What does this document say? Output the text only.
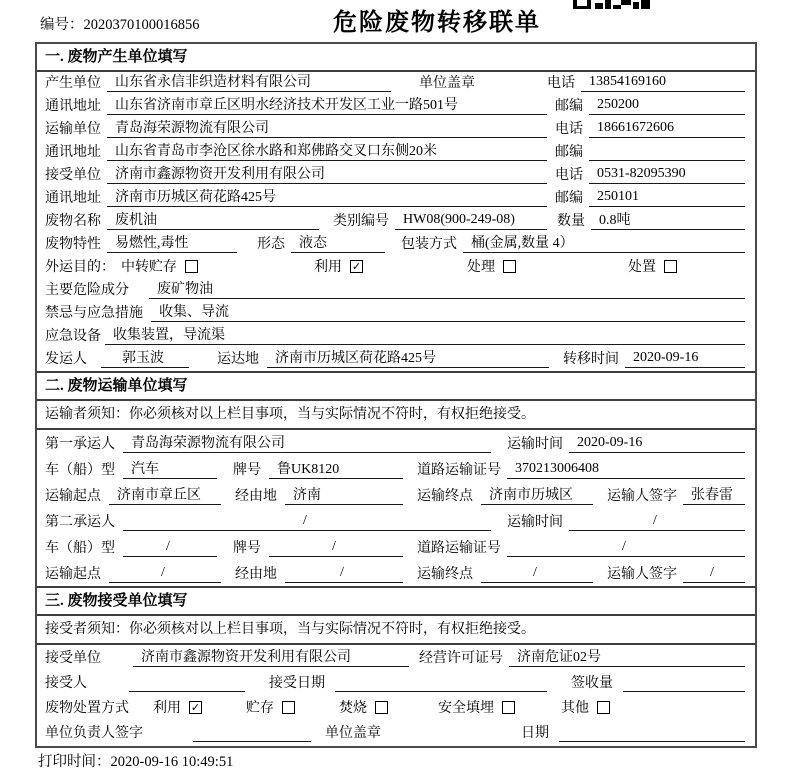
编号：2020370100016856	危险废物转移联单
一. 废物产生单位填写
产生单位	山东省永信非织造材料有限公司	单位盖章	电话	13854169160
通讯地址	山东省济南市章丘区明水经济技术开发区工业一路501号	邮编	250200
运输单位	青岛海荣源物流有限公司	电话	18661672606
通讯地址	山东省青岛市李沧区徐水路和郑佛路交叉口东侧20米	邮编
接受单位	济南市鑫源物资开发利用有限公司	电话	0531-82095390
通讯地址	济南市历城区荷花路425号	邮编	250101
废物名称	废机油	类别编号	HW08(900-249-08)	数量	0.8吨
废物特性	易燃性,毒性	形态	液态	包装方式	桶(金属,数量 4）
外运目的： 中转贮存	利用 ✓	处理	处置
主要危险成分	废矿物油
禁忌与应急措施	收集、导流
应急设备 收集装置，导流渠
发运人	郭玉波	运达地	济南市历城区荷花路425号	转移时间	2020-09-16
二. 废物运输单位填写
运输者须知：你必须核对以上栏目事项，当与实际情况不符时，有权拒绝接受。
第一承运人	青岛海荣源物流有限公司	运输时间	2020-09-16
车（船）型	汽车	牌号	鲁UK8120	道路运输证号	370213006408
运输起点	济南市章丘区	经由地	济南	运输终点	济南市历城区	运输人签字	张春雷
第二承运人	/	运输时间	/
车（船）型	/	牌号	/	道路运输证号	/
运输起点	/	经由地	/	运输终点	/	运输人签字	/
三. 废物接受单位填写
接受者须知：你必须核对以上栏目事项，当与实际情况不符时，有权拒绝接受。
接受单位	济南市鑫源物资开发利用有限公司	经营许可证号	济南危证02号
接受人	接受日期	签收量
废物处置方式 利用 ✓	贮存	焚烧	安全填埋	其他
单位负责人签字	单位盖章	日期
打印时间：2020-09-16 10:49:51
